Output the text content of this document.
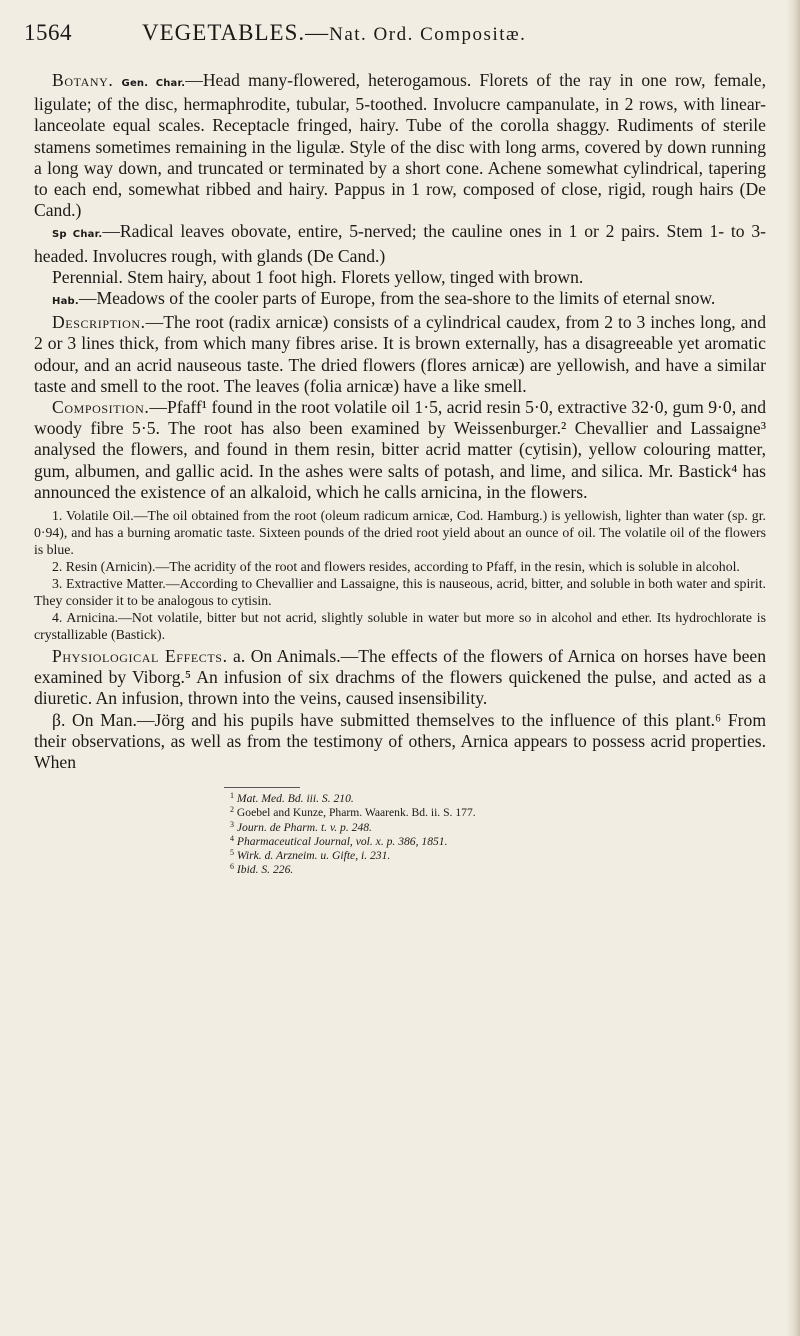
1564	VEGETABLES.—Nat. Ord. Compositæ.

Botany. Gen. Char.—Head many-flowered, heterogamous. Florets of the ray in one row, female, ligulate; of the disc, hermaphrodite, tubular, 5-toothed. Involucre campanulate, in 2 rows, with linear-lanceolate equal scales. Receptacle fringed, hairy. Tube of the corolla shaggy. Rudiments of sterile stamens sometimes remaining in the ligulæ. Style of the disc with long arms, covered by down running a long way down, and truncated or terminated by a short cone. Achene somewhat cylindrical, tapering to each end, somewhat ribbed and hairy. Pappus in 1 row, composed of close, rigid, rough hairs (De Cand.)

Sp Char.—Radical leaves obovate, entire, 5-nerved; the cauline ones in 1 or 2 pairs. Stem 1- to 3-headed. Involucres rough, with glands (De Cand.)

Perennial. Stem hairy, about 1 foot high. Florets yellow, tinged with brown.

Hab.—Meadows of the cooler parts of Europe, from the sea-shore to the limits of eternal snow.

Description.—The root (radix arnicæ) consists of a cylindrical caudex, from 2 to 3 inches long, and 2 or 3 lines thick, from which many fibres arise. It is brown externally, has a disagreeable yet aromatic odour, and an acrid nauseous taste. The dried flowers (flores arnicæ) are yellowish, and have a similar taste and smell to the root. The leaves (folia arnicæ) have a like smell.

Composition.—Pfaff¹ found in the root volatile oil 1·5, acrid resin 5·0, extractive 32·0, gum 9·0, and woody fibre 5·5. The root has also been examined by Weissenburger.² Chevallier and Lassaigne³ analysed the flowers, and found in them resin, bitter acrid matter (cytisin), yellow colouring matter, gum, albumen, and gallic acid. In the ashes were salts of potash, and lime, and silica. Mr. Bastick⁴ has announced the existence of an alkaloid, which he calls arnicina, in the flowers.

1. Volatile Oil.—The oil obtained from the root (oleum radicum arnicæ, Cod. Hamburg.) is yellowish, lighter than water (sp. gr. 0·94), and has a burning aromatic taste. Sixteen pounds of the dried root yield about an ounce of oil. The volatile oil of the flowers is blue.

2. Resin (Arnicin).—The acridity of the root and flowers resides, according to Pfaff, in the resin, which is soluble in alcohol.

3. Extractive Matter.—According to Chevallier and Lassaigne, this is nauseous, acrid, bitter, and soluble in both water and spirit. They consider it to be analogous to cytisin.

4. Arnicina.—Not volatile, bitter but not acrid, slightly soluble in water but more so in alcohol and ether. Its hydrochlorate is crystallizable (Bastick).

Physiological Effects. a. On Animals.—The effects of the flowers of Arnica on horses have been examined by Viborg.⁵ An infusion of six drachms of the flowers quickened the pulse, and acted as a diuretic. An infusion, thrown into the veins, caused insensibility.

β. On Man.—Jörg and his pupils have submitted themselves to the influence of this plant.⁶ From their observations, as well as from the testimony of others, Arnica appears to possess acrid properties. When

$^1$ Mat. Med. Bd. iii. S. 210.
$^2$ Goebel and Kunze, Pharm. Waarenk. Bd. ii. S. 177.
$^3$ Journ. de Pharm. t. v. p. 248.
$^4$ Pharmaceutical Journal, vol. x. p. 386, 1851.
$^5$ Wirk. d. Arzneim. u. Gifte, i. 231.
$^6$ Ibid. S. 226.
